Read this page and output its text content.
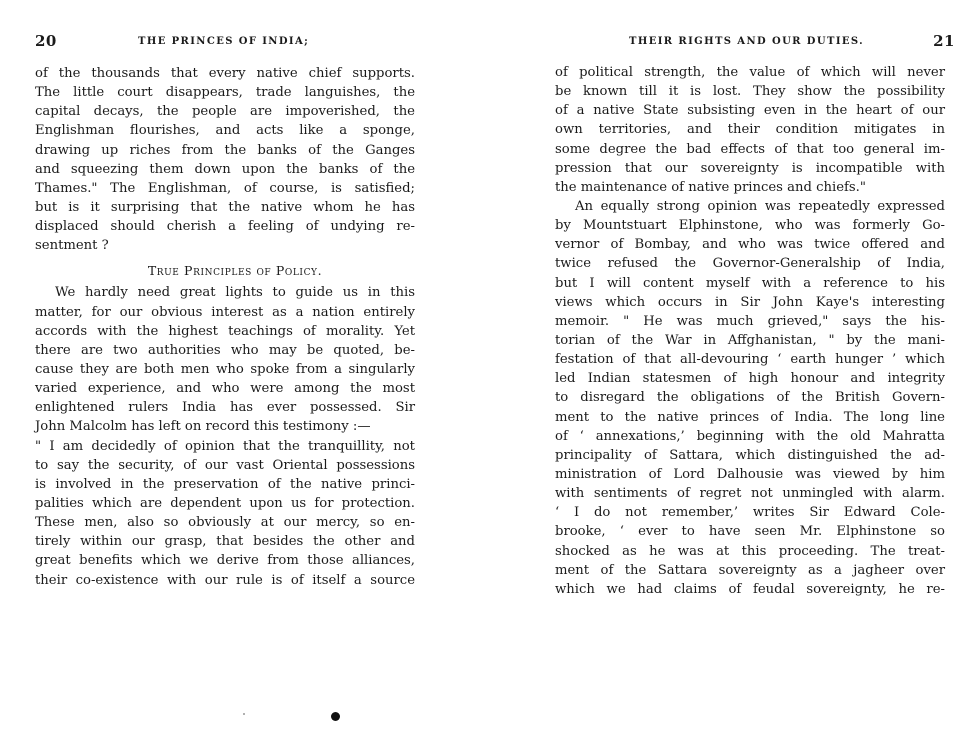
20	THE PRINCES OF INDIA;
of the thousands that every native chief supports.
The little court disappears, trade languishes, the
capital decays, the people are impoverished, the
Englishman flourishes, and acts like a sponge,
drawing up riches from the banks of the Ganges
and squeezing them down upon the banks of the
Thames." The Englishman, of course, is satisfied;
but is it surprising that the native whom he has
displaced should cherish a feeling of undying re-
sentment ?
True Principles of Policy.
We hardly need great lights to guide us in this
matter, for our obvious interest as a nation entirely
accords with the highest teachings of morality. Yet
there are two authorities who may be quoted, be-
cause they are both men who spoke from a singularly
varied experience, and who were among the most
enlightened rulers India has ever possessed. Sir
John Malcolm has left on record this testimony :—
" I am decidedly of opinion that the tranquillity, not
to say the security, of our vast Oriental possessions
is involved in the preservation of the native princi-
palities which are dependent upon us for protection.
These men, also so obviously at our mercy, so en-
tirely within our grasp, that besides the other and
great benefits which we derive from those alliances,
their co-existence with our rule is of itself a source
THEIR RIGHTS AND OUR DUTIES.	21
of political strength, the value of which will never
be known till it is lost. They show the possibility
of a native State subsisting even in the heart of our
own territories, and their condition mitigates in
some degree the bad effects of that too general im-
pression that our sovereignty is incompatible with
the maintenance of native princes and chiefs."
An equally strong opinion was repeatedly expressed
by Mountstuart Elphinstone, who was formerly Go-
vernor of Bombay, and who was twice offered and
twice refused the Governor-Generalship of India,
but I will content myself with a reference to his
views which occurs in Sir John Kaye's interesting
memoir. " He was much grieved," says the his-
torian of the War in Affghanistan, " by the mani-
festation of that all-devouring ‘ earth hunger ’ which
led Indian statesmen of high honour and integrity
to disregard the obligations of the British Govern-
ment to the native princes of India. The long line
of ‘ annexations,’ beginning with the old Mahratta
principality of Sattara, which distinguished the ad-
ministration of Lord Dalhousie was viewed by him
with sentiments of regret not unmingled with alarm.
‘ I do not remember,’ writes Sir Edward Cole-
brooke, ‘ ever to have seen Mr. Elphinstone so
shocked as he was at this proceeding. The treat-
ment of the Sattara sovereignty as a jagheer over
which we had claims of feudal sovereignty, he re-
